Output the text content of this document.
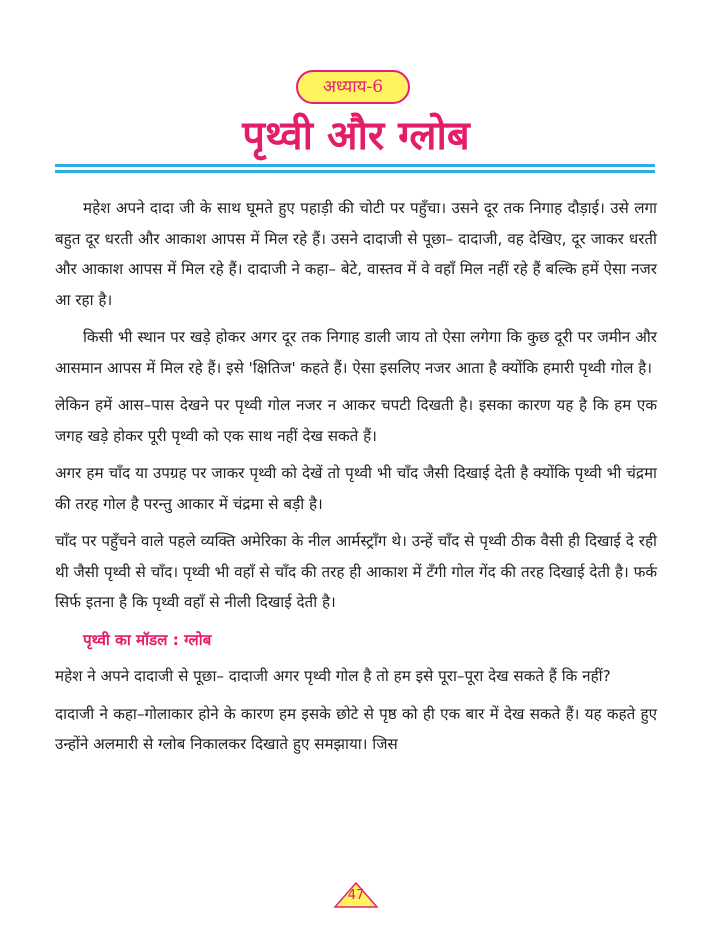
अध्याय-6
पृथ्वी और ग्लोब

महेश अपने दादा जी के साथ घूमते हुए पहाड़ी की चोटी पर पहुँचा। उसने दूर तक निगाह दौड़ाई। उसे लगा बहुत दूर धरती और आकाश आपस में मिल रहे हैं। उसने दादाजी से पूछा– दादाजी, वह देखिए, दूर जाकर धरती और आकाश आपस में मिल रहे हैं। दादाजी ने कहा– बेटे, वास्तव में वे वहाँ मिल नहीं रहे हैं बल्कि हमें ऐसा नजर आ रहा है।

किसी भी स्थान पर खड़े होकर अगर दूर तक निगाह डाली जाय तो ऐसा लगेगा कि कुछ दूरी पर जमीन और आसमान आपस में मिल रहे हैं। इसे 'क्षितिज' कहते हैं। ऐसा इसलिए नजर आता है क्योंकि हमारी पृथ्वी गोल है।

लेकिन हमें आस–पास देखने पर पृथ्वी गोल नजर न आकर चपटी दिखती है। इसका कारण यह है कि हम एक जगह खड़े होकर पूरी पृथ्वी को एक साथ नहीं देख सकते हैं।

अगर हम चाँद या उपग्रह पर जाकर पृथ्वी को देखें तो पृथ्वी भी चाँद जैसी दिखाई देती है क्योंकि पृथ्वी भी चंद्रमा की तरह गोल है परन्तु आकार में चंद्रमा से बड़ी है।

चाँद पर पहुँचने वाले पहले व्यक्ति अमेरिका के नील आर्मस्ट्राँग थे। उन्हें चाँद से पृथ्वी ठीक वैसी ही दिखाई दे रही थी जैसी पृथ्वी से चाँद। पृथ्वी भी वहाँ से चाँद की तरह ही आकाश में टँगी गोल गेंद की तरह दिखाई देती है। फर्क सिर्फ इतना है कि पृथ्वी वहाँ से नीली दिखाई देती है।

पृथ्वी का मॉडल : ग्लोब

महेश ने अपने दादाजी से पूछा– दादाजी अगर पृथ्वी गोल है तो हम इसे पूरा–पूरा देख सकते हैं कि नहीं?

दादाजी ने कहा–गोलाकार होने के कारण हम इसके छोटे से पृष्ठ को ही एक बार में देख सकते हैं। यह कहते हुए उन्होंने अलमारी से ग्लोब निकालकर दिखाते हुए समझाया। जिस

47
